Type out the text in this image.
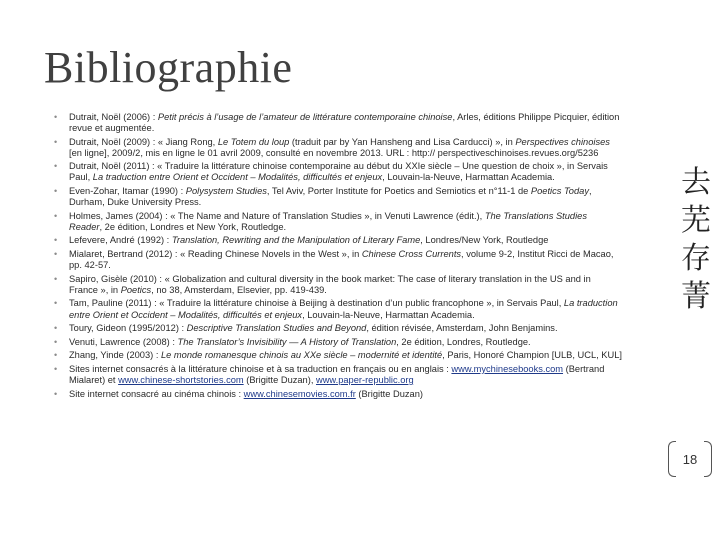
Bibliographie
• Dutrait, Noël (2006) : Petit précis à l’usage de l’amateur de littérature contemporaine chinoise, Arles, éditions Philippe Picquier, édition revue et augmentée.
• Dutrait, Noël (2009) : « Jiang Rong, Le Totem du loup (traduit par by Yan Hansheng and Lisa Carducci) », in Perspectives chinoises [en ligne], 2009/2, mis en ligne le 01 avril 2009, consulté en novembre 2013. URL : http:// perspectiveschinoises.revues.org/5236
• Dutrait, Noël (2011) : « Traduire la littérature chinoise contemporaine au début du XXIe siècle – Une question de choix », in Servais Paul, La traduction entre Orient et Occident – Modalités, difficultés et enjeux, Louvain-la-Neuve, Harmattan Academia.
• Even-Zohar, Itamar (1990) : Polysystem Studies, Tel Aviv, Porter Institute for Poetics and Semiotics et n°11-1 de Poetics Today, Durham, Duke University Press.
• Holmes, James (2004) : « The Name and Nature of Translation Studies », in Venuti Lawrence (édit.), The Translations Studies Reader, 2e édition, Londres et New York, Routledge.
• Lefevere, André (1992) : Translation, Rewriting and the Manipulation of Literary Fame, Londres/New York, Routledge
• Mialaret, Bertrand (2012) : « Reading Chinese Novels in the West », in Chinese Cross Currents, volume 9-2, Institut Ricci de Macao, pp. 42-57.
• Sapiro, Gisèle (2010) : « Globalization and cultural diversity in the book market: The case of literary translation in the US and in France », in Poetics, no 38, Amsterdam, Elsevier, pp. 419-439.
• Tam, Pauline (2011) : « Traduire la littérature chinoise à Beijing à destination d’un public francophone », in Servais Paul, La traduction entre Orient et Occident – Modalités, difficultés et enjeux, Louvain-la-Neuve, Harmattan Academia.
• Toury, Gideon (1995/2012) : Descriptive Translation Studies and Beyond, édition révisée, Amsterdam, John Benjamins.
• Venuti, Lawrence (2008) : The Translator’s Invisibility — A History of Translation, 2e édition, Londres, Routledge.
• Zhang, Yinde (2003) : Le monde romanesque chinois au XXe siècle – modernité et identité, Paris, Honoré Champion [ULB, UCL, KUL]
• Sites internet consacrés à la littérature chinoise et à sa traduction en français ou en anglais : www.mychinesebooks.com (Bertrand Mialaret) et www.chinese-shortstories.com (Brigitte Duzan), www.paper-republic.org
• Site internet consacré au cinéma chinois : www.chinesemovies.com.fr (Brigitte Duzan)
去
芜
存
菁
18
